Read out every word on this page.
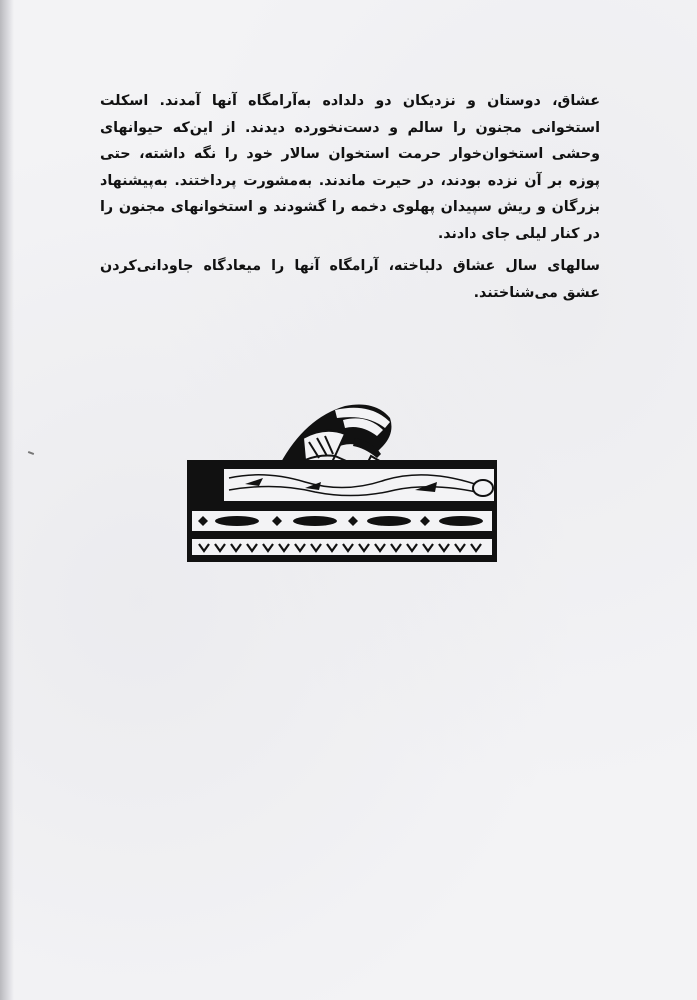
عشاق، دوستان و نزدیکان دو دلداده به‌آرامگاه آنها آمدند. اسکلت استخوانی مجنون را سالم و دست‌نخورده دیدند. از این‌که حیوانهای وحشی استخوان‌خوار حرمت استخوان سالار خود را نگه داشته، حتی پوزه بر آن نزده بودند، در حیرت ماندند. به‌مشورت پرداختند. به‌پیشنهاد بزرگان و ریش سپیدان پهلوی دخمه را گشودند و استخوانهای مجنون را در کنار لیلی جای دادند.

سالهای سال عشاق دلباخته، آرامگاه آنها را میعادگاه جاودانی‌کردن عشق می‌شناختند.
